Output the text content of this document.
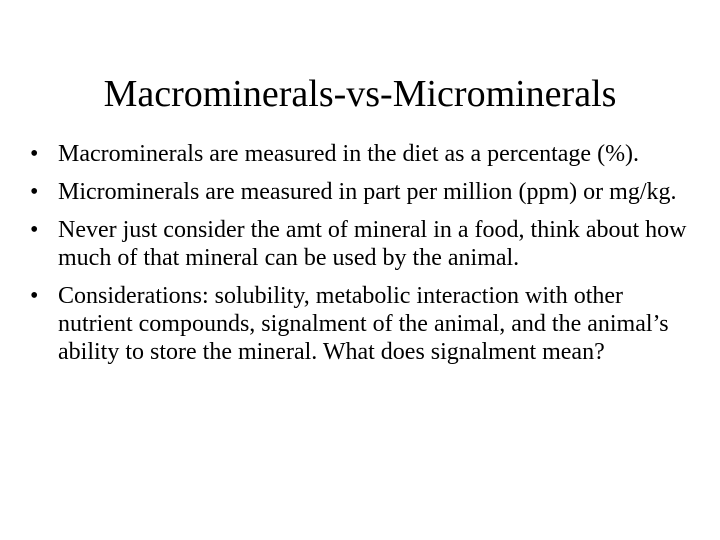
Macrominerals-vs-Microminerals
• Macrominerals are measured in the diet as a percentage (%).
• Microminerals are measured in part per million (ppm) or mg/kg.
• Never just consider the amt of mineral in a food, think about how much of that mineral can be used by the animal.
• Considerations: solubility, metabolic interaction with other nutrient compounds, signalment of the animal, and the animal’s ability to store the mineral. What does signalment mean?
